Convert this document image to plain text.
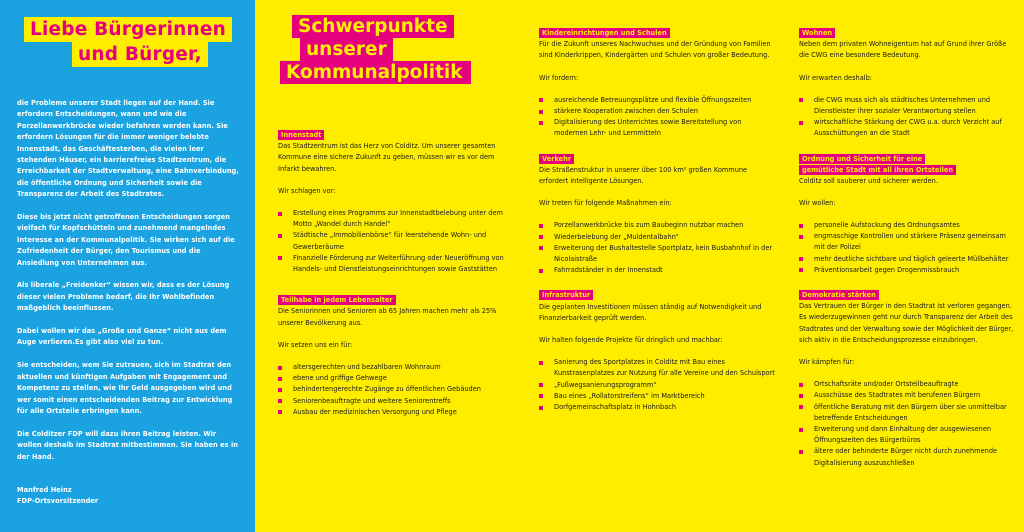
Liebe Bürgerinnen
und Bürger,

die Probleme unserer Stadt liegen auf der Hand. Sie erfordern Entscheidungen, wann und wie die Porzellanwerkbrücke wieder befahren werden kann. Sie erfordern Lösungen für die immer weniger belebte Innenstadt, das Geschäftesterben, die vielen leer stehenden Häuser, ein barrierefreies Stadtzentrum, die Erreichbarkeit der Stadtverwaltung, eine Bahnverbindung, die öffentliche Ordnung und Sicherheit sowie die Transparenz der Arbeit des Stadtrates.

Diese bis jetzt nicht getroffenen Entscheidungen sorgen vielfach für Kopfschütteln und zunehmend mangelndes Interesse an der Kommunalpolitik. Sie wirken sich auf die Zufriedenheit der Bürger, den Tourismus und die Ansiedlung von Unternehmen aus.

Als liberale „Freidenker“ wissen wir, dass es der Lösung dieser vielen Probleme bedarf, die Ihr Wohlbefinden maßgeblich beeinflussen.

Dabei wollen wir das „Große und Ganze“ nicht aus dem Auge verlieren.Es gibt also viel zu tun.

Sie entscheiden, wem Sie zutrauen, sich im Stadtrat den aktuellen und künftigen Aufgaben mit Engagement und Kompetenz zu stellen, wie Ihr Geld ausgegeben wird und wer somit einen entscheidenden Beitrag zur Entwicklung für alle Ortsteile erbringen kann.

Die Colditzer FDP will dazu ihren Beitrag leisten. Wir wollen deshalb im Stadtrat mitbestimmen. Sie haben es in der Hand.

Manfred Heinz
FDP-Ortsvorsitzender

Schwerpunkte
unserer
Kommunalpolitik
Innenstadt
Das Stadtzentrum ist das Herz von Colditz. Um unserer gesamten Kommune eine sichere Zukunft zu geben, müssen wir es vor dem Infarkt bewahren.
Wir schlagen vor:
Erstellung eines Programms zur Innenstadtbelebung unter dem Motto „Wandel durch Handel“
Städtische „Immobilienbörse“ für leerstehende Wohn- und Gewerberäume
Finanzielle Förderung zur Weiterführung oder Neueröffnung von Handels- und Dienstleistungseinrichtungen sowie Gaststätten
Teilhabe in jedem Lebensalter
Die Seniorinnen und Senioren ab 65 Jahren machen mehr als 25% unserer Bevölkerung aus.
Wir setzen uns ein für:
altersgerechten und bezahlbaren Wohnraum
ebene und griffige Gehwege
behindertengerechte Zugänge zu öffentlichen Gebäuden
Seniorenbeauftragte und weitere Seniorentreffs
Ausbau der medizinischen Versorgung und Pflege
Kindereinrichtungen und Schulen
Für die Zukunft unseres Nachwuchses und der Gründung von Familien sind Kinderkrippen, Kindergärten und Schulen von großer Bedeutung.
Wir fordern:
ausreichende Betreuungsplätze und flexible Öffnungszeiten
stärkere Kooperation zwischen den Schulen
Digitalisierung des Unterrichtes sowie Bereitstellung von modernen Lehr- und Lernmitteln
Verkehr
Die Straßenstruktur in unserer über 100 km² großen Kommune erfordert intelligente Lösungen.
Wir treten für folgende Maßnahmen ein:
Porzellanwerkbrücke bis zum Baubeginn nutzbar machen
Wiederbelebung der „Muldentalbahn“
Erweiterung der Bushaltestelle Sportplatz, kein Busbahnhof in der Nicolaistraße
Fahrradständer in der Innenstadt
Infrastruktur
Die geplanten Investitionen müssen ständig auf Notwendigkeit und Finanzierbarkeit geprüft werden.
Wir halten folgende Projekte für dringlich und machbar:
Sanierung des Sportplatzes in Colditz mit Bau eines Kunstrasenplatzes zur Nutzung für alle Vereine und den Schulsport
„Fußwegsanierungsprogramm“
Bau eines „Rollatorstreifens“ im Marktbereich
Dorfgemeinschaftsplatz in Hohnbach
Wohnen
Neben dem privaten Wohneigentum hat auf Grund ihrer Größe die CWG eine besondere Bedeutung.
Wir erwarten deshalb:
die CWG muss sich als städtisches Unternehmen und Dienstleister ihrer sozialer Verantwortung stellen
wirtschaftliche Stärkung der CWG u.a. durch Verzicht auf Ausschüttungen an die Stadt
Ordnung und Sicherheit für eine
gemütliche Stadt mit all ihren Ortsteilen
Colditz soll sauberer und sicherer werden.
Wir wollen:
personelle Aufstockung des Ordnungsamtes
engmaschige Kontrollen und stärkere Präsenz gemeinsam mit der Polizei
mehr deutliche sichtbare und täglich geleerte Müllbehälter
Präventionsarbeit gegen Drogenmissbrauch
Demokratie stärken
Das Vertrauen der Bürger in den Stadtrat ist verloren gegangen. Es wiederzugewinnen geht nur durch Transparenz der Arbeit des Stadtrates und der Verwaltung sowie der Möglichkeit der Bürger, sich aktiv in die Entscheidungsprozesse einzubringen.
Wir kämpfen für:
Ortschaftsräte und/oder Ortsteilbeauftragte
Ausschüsse des Stadtrates mit berufenen Bürgern
öffentliche Beratung mit den Bürgern über sie unmittelbar betreffende Entscheidungen
Erweiterung und dann Einhaltung der ausgewiesenen Öffnungszeiten des Bürgerbüros
ältere oder behinderte Bürger nicht durch zunehmende Digitalisierung auszuschließen
